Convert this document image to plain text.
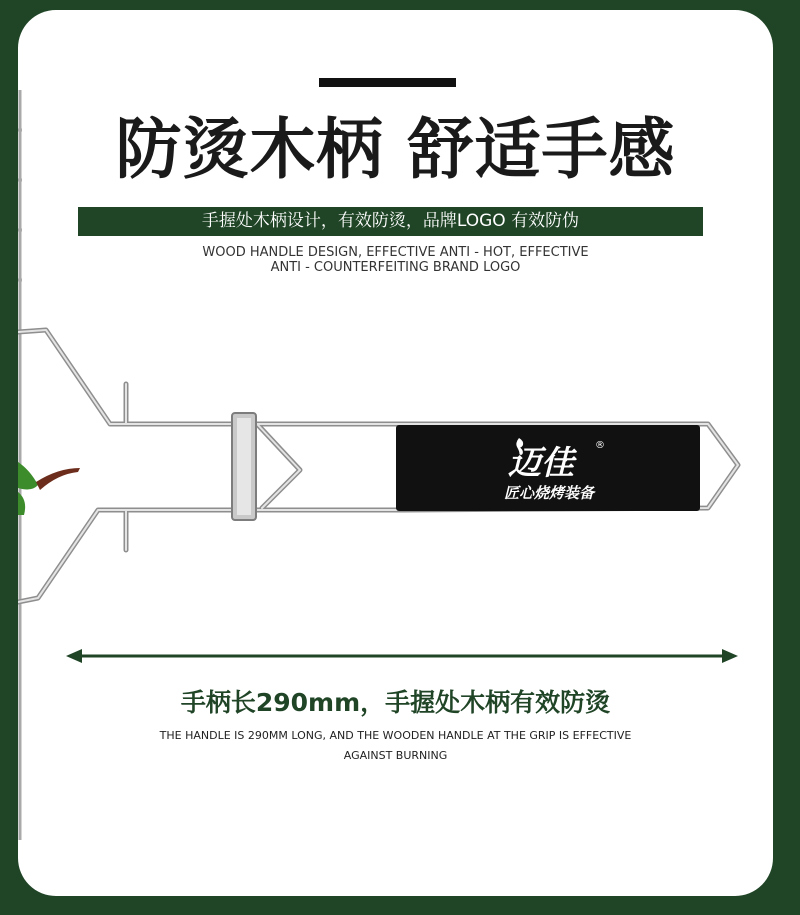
防烫木柄 舒适手感
手握处木柄设计，有效防烫，品牌LOGO 有效防伪
WOOD HANDLE DESIGN, EFFECTIVE ANTI - HOT, EFFECTIVE
ANTI - COUNTERFEITING BRAND LOGO
迈佳	®
匠心烧烤装备
手柄长290mm，手握处木柄有效防烫
THE HANDLE IS 290MM LONG, AND THE WOODEN HANDLE AT THE GRIP IS EFFECTIVE
AGAINST BURNING
